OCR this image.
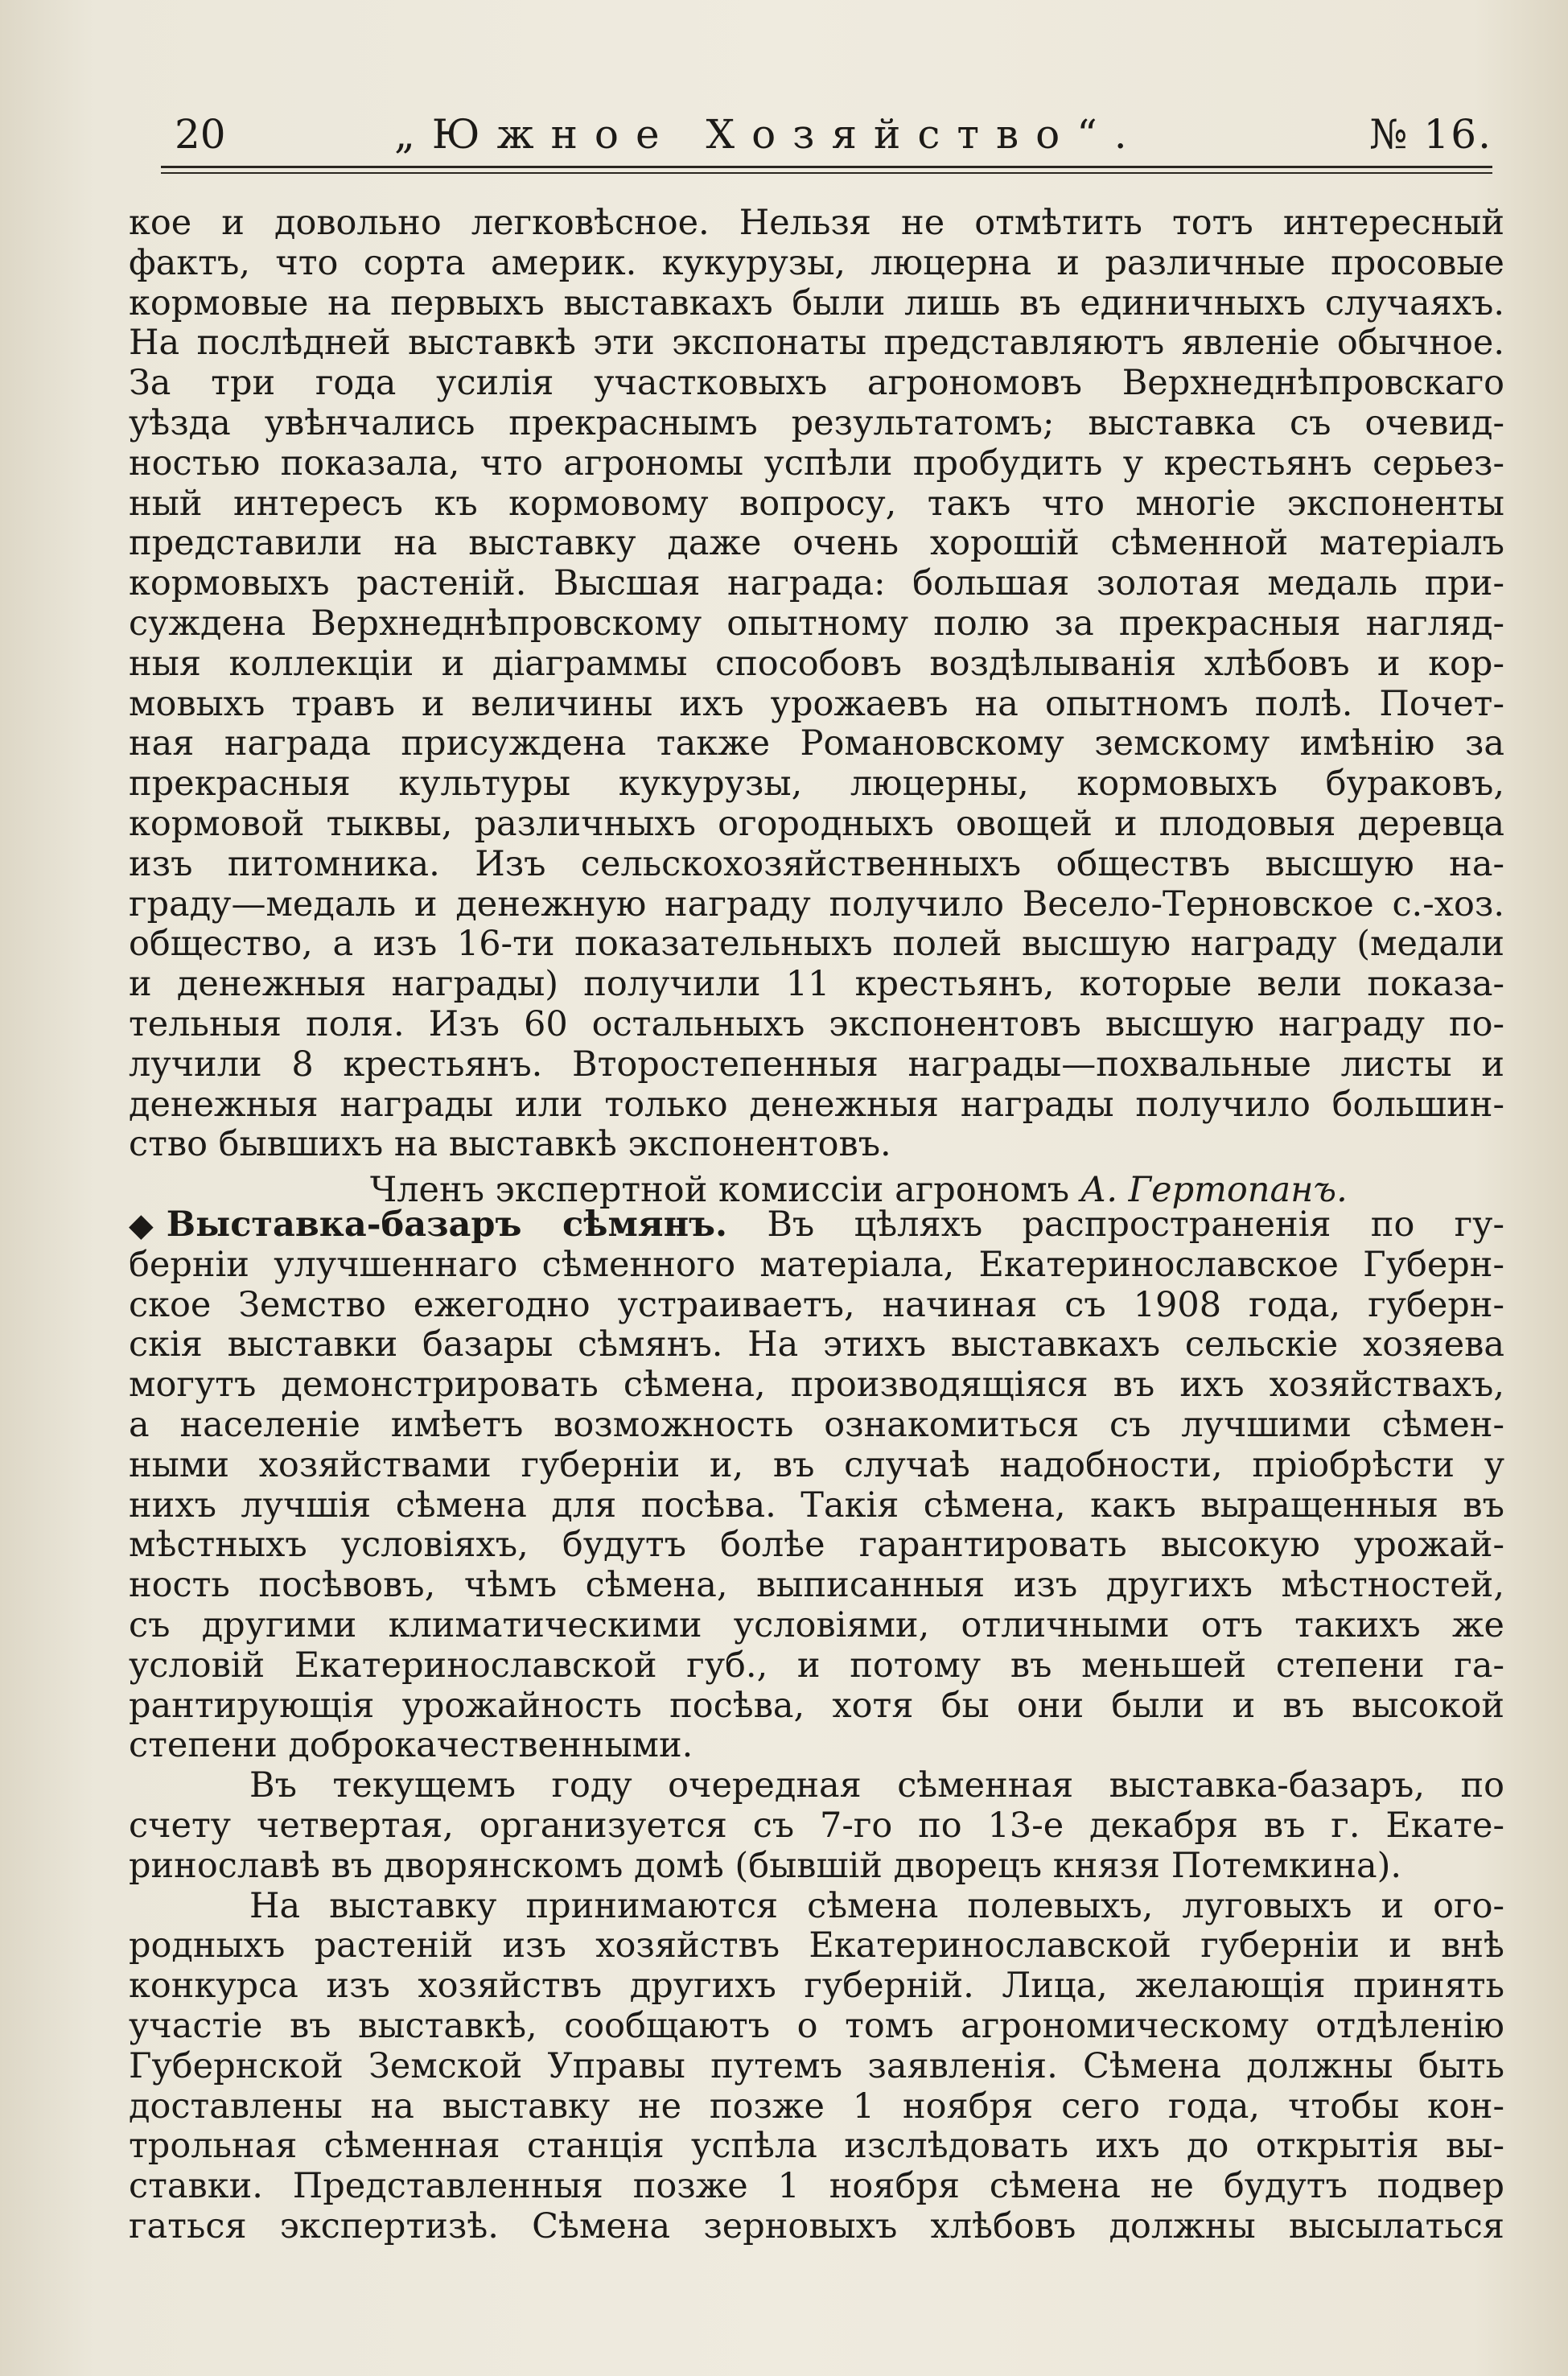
20	„Южное Хозяйство“.	№ 16.
кое и довольно легковѣсное. Нельзя не отмѣтить тотъ интересный
фактъ, что сорта америк. кукурузы, люцерна и различные просовые
кормовые на первыхъ выставкахъ были лишь въ единичныхъ случаяхъ.
На послѣдней выставкѣ эти экспонаты представляютъ явленіе обычное.
За три года усилія участковыхъ агрономовъ Верхнеднѣпровскаго
уѣзда увѣнчались прекраснымъ результатомъ; выставка съ очевид-
ностью показала, что агрономы успѣли пробудить у крестьянъ серьез-
ный интересъ къ кормовому вопросу, такъ что многіе экспоненты
представили на выставку даже очень хорошій сѣменной матеріалъ
кормовыхъ растеній. Высшая награда: большая золотая медаль при-
суждена Верхнеднѣпровскому опытному полю за прекрасныя нагляд-
ныя коллекціи и діаграммы способовъ воздѣлыванія хлѣбовъ и кор-
мовыхъ травъ и величины ихъ урожаевъ на опытномъ полѣ. Почет-
ная награда присуждена также Романовскому земскому имѣнію за
прекрасныя культуры кукурузы, люцерны, кормовыхъ бураковъ,
кормовой тыквы, различныхъ огородныхъ овощей и плодовыя деревца
изъ питомника. Изъ сельскохозяйственныхъ обществъ высшую на-
граду—медаль и денежную награду получило Весело-Терновское с.-хоз.
общество, а изъ 16-ти показательныхъ полей высшую награду (медали
и денежныя награды) получили 11 крестьянъ, которые вели показа-
тельныя поля. Изъ 60 остальныхъ экспонентовъ высшую награду по-
лучили 8 крестьянъ. Второстепенныя награды—похвальные листы и
денежныя награды или только денежныя награды получило большин-
ство бывшихъ на выставкѣ экспонентовъ.
Членъ экспертной комиссіи агрономъ А. Гертопанъ.
◆ Выставка-базаръ сѣмянъ. Въ цѣляхъ распространенія по гу-
берніи улучшеннаго сѣменного матеріала, Екатеринославское Губерн-
ское Земство ежегодно устраиваетъ, начиная съ 1908 года, губерн-
скія выставки базары сѣмянъ. На этихъ выставкахъ сельскіе хозяева
могутъ демонстрировать сѣмена, производящіяся въ ихъ хозяйствахъ,
а населеніе имѣетъ возможность ознакомиться съ лучшими сѣмен-
ными хозяйствами губерніи и, въ случаѣ надобности, пріобрѣсти у
нихъ лучшія сѣмена для посѣва. Такія сѣмена, какъ выращенныя въ
мѣстныхъ условіяхъ, будутъ болѣе гарантировать высокую урожай-
ность посѣвовъ, чѣмъ сѣмена, выписанныя изъ другихъ мѣстностей,
съ другими климатическими условіями, отличными отъ такихъ же
условій Екатеринославской губ., и потому въ меньшей степени га-
рантирующія урожайность посѣва, хотя бы они были и въ высокой
степени доброкачественными.
Въ текущемъ году очередная сѣменная выставка-базаръ, по
счету четвертая, организуется съ 7-го по 13-е декабря въ г. Екате-
ринославѣ въ дворянскомъ домѣ (бывшій дворецъ князя Потемкина).
На выставку принимаются сѣмена полевыхъ, луговыхъ и ого-
родныхъ растеній изъ хозяйствъ Екатеринославской губерніи и внѣ
конкурса изъ хозяйствъ другихъ губерній. Лица, желающія принять
участіе въ выставкѣ, сообщаютъ о томъ агрономическому отдѣленію
Губернской Земской Управы путемъ заявленія. Сѣмена должны быть
доставлены на выставку не позже 1 ноября сего года, чтобы кон-
трольная сѣменная станція успѣла изслѣдовать ихъ до открытія вы-
ставки. Представленныя позже 1 ноября сѣмена не будутъ подвер
гаться экспертизѣ. Сѣмена зерновыхъ хлѣбовъ должны высылаться
